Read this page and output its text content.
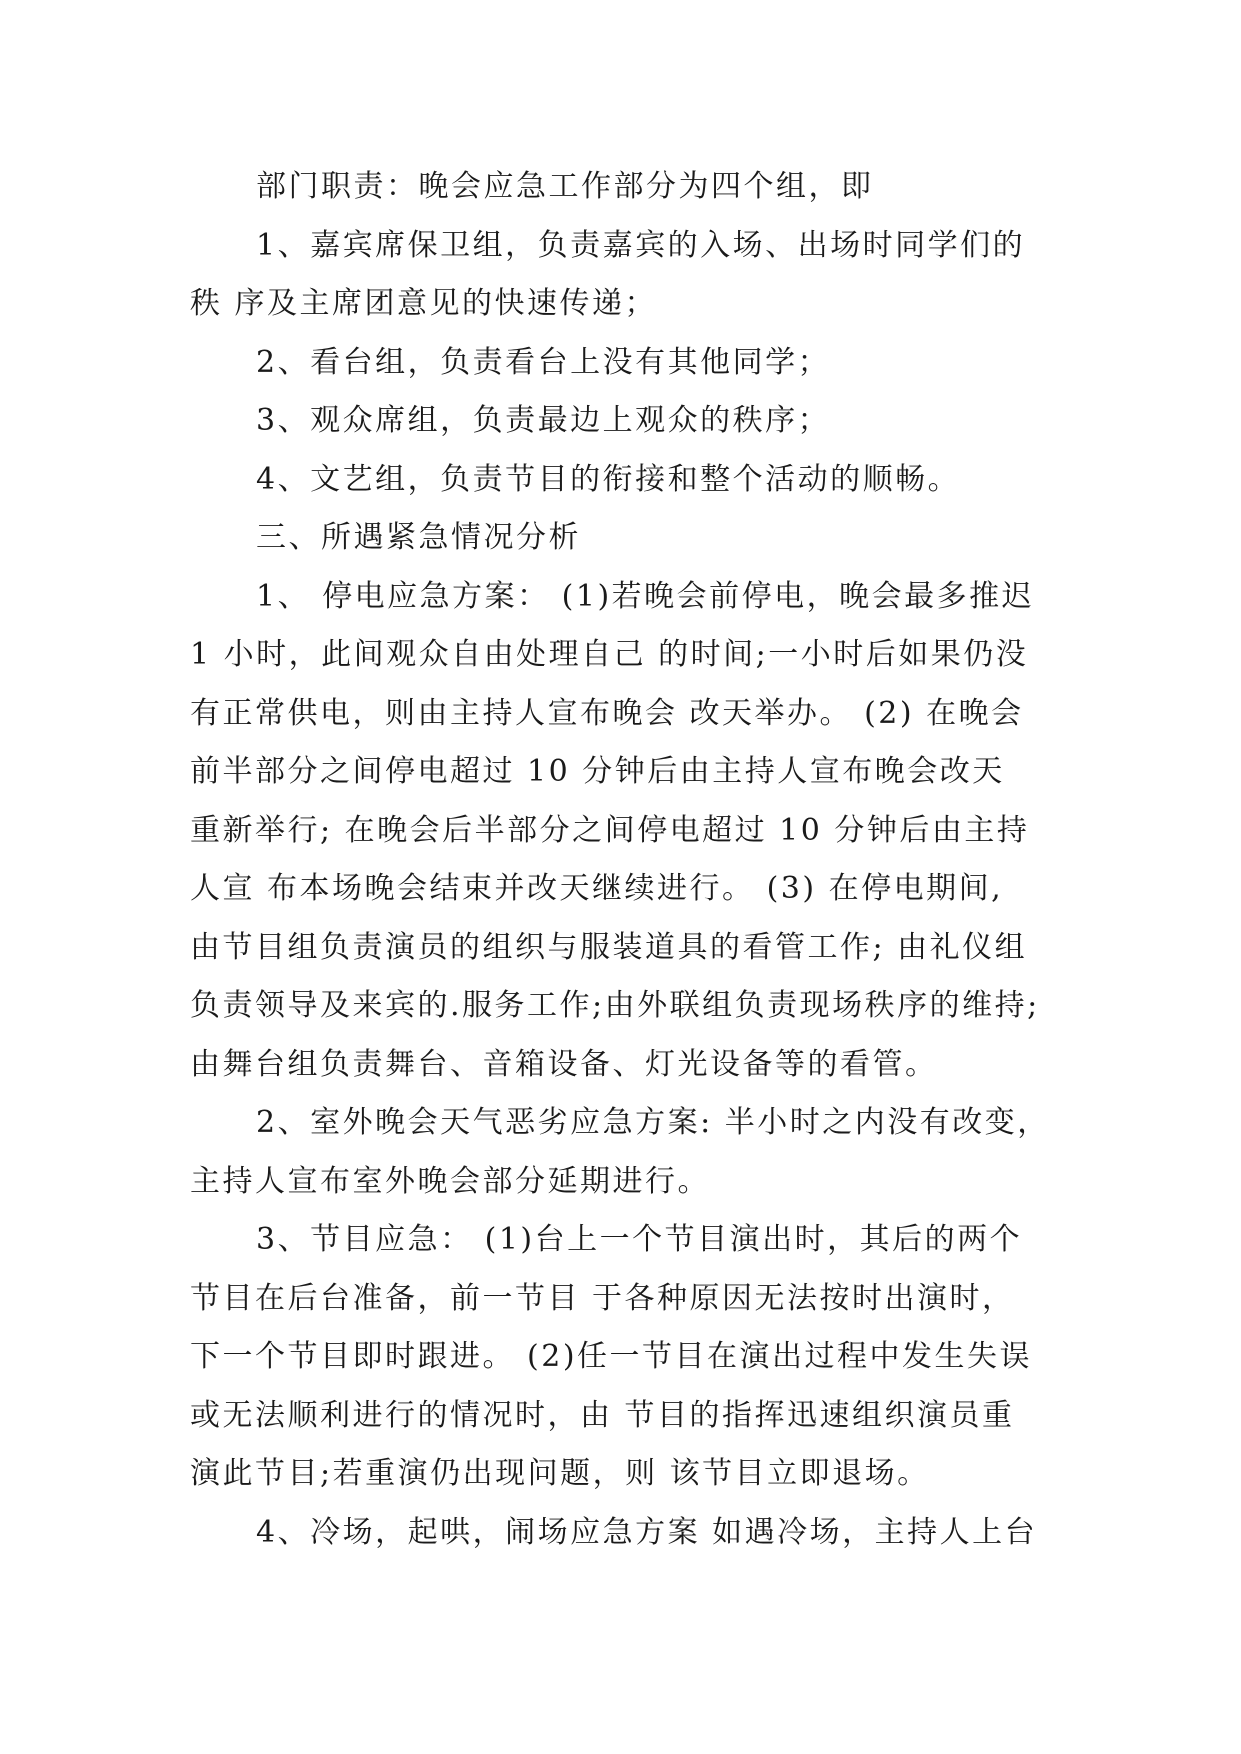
部门职责：晚会应急工作部分为四个组，即
1、嘉宾席保卫组，负责嘉宾的入场、出场时同学们的
秩 序及主席团意见的快速传递；
2、看台组，负责看台上没有其他同学；
3、观众席组，负责最边上观众的秩序；
4、文艺组，负责节目的衔接和整个活动的顺畅。
三、所遇紧急情况分析
1、 停电应急方案： (1)若晚会前停电，晚会最多推迟
1 小时，此间观众自由处理自己 的时间;一小时后如果仍没
有正常供电，则由主持人宣布晚会 改天举办。 (2) 在晚会
前半部分之间停电超过 10 分钟后由主持人宣布晚会改天
重新举行; 在晚会后半部分之间停电超过 10 分钟后由主持
人宣 布本场晚会结束并改天继续进行。 (3) 在停电期间,
由节目组负责演员的组织与服装道具的看管工作; 由礼仪组
负责领导及来宾的.服务工作;由外联组负责现场秩序的维持;
由舞台组负责舞台、音箱设备、灯光设备等的看管。
2、室外晚会天气恶劣应急方案: 半小时之内没有改变，
主持人宣布室外晚会部分延期进行。
3、节目应急： (1)台上一个节目演出时，其后的两个
节目在后台准备，前一节目 于各种原因无法按时出演时，
下一个节目即时跟进。 (2)任一节目在演出过程中发生失误
或无法顺利进行的情况时，由 节目的指挥迅速组织演员重
演此节目;若重演仍出现问题，则 该节目立即退场。
4、冷场，起哄，闹场应急方案 如遇冷场，主持人上台
